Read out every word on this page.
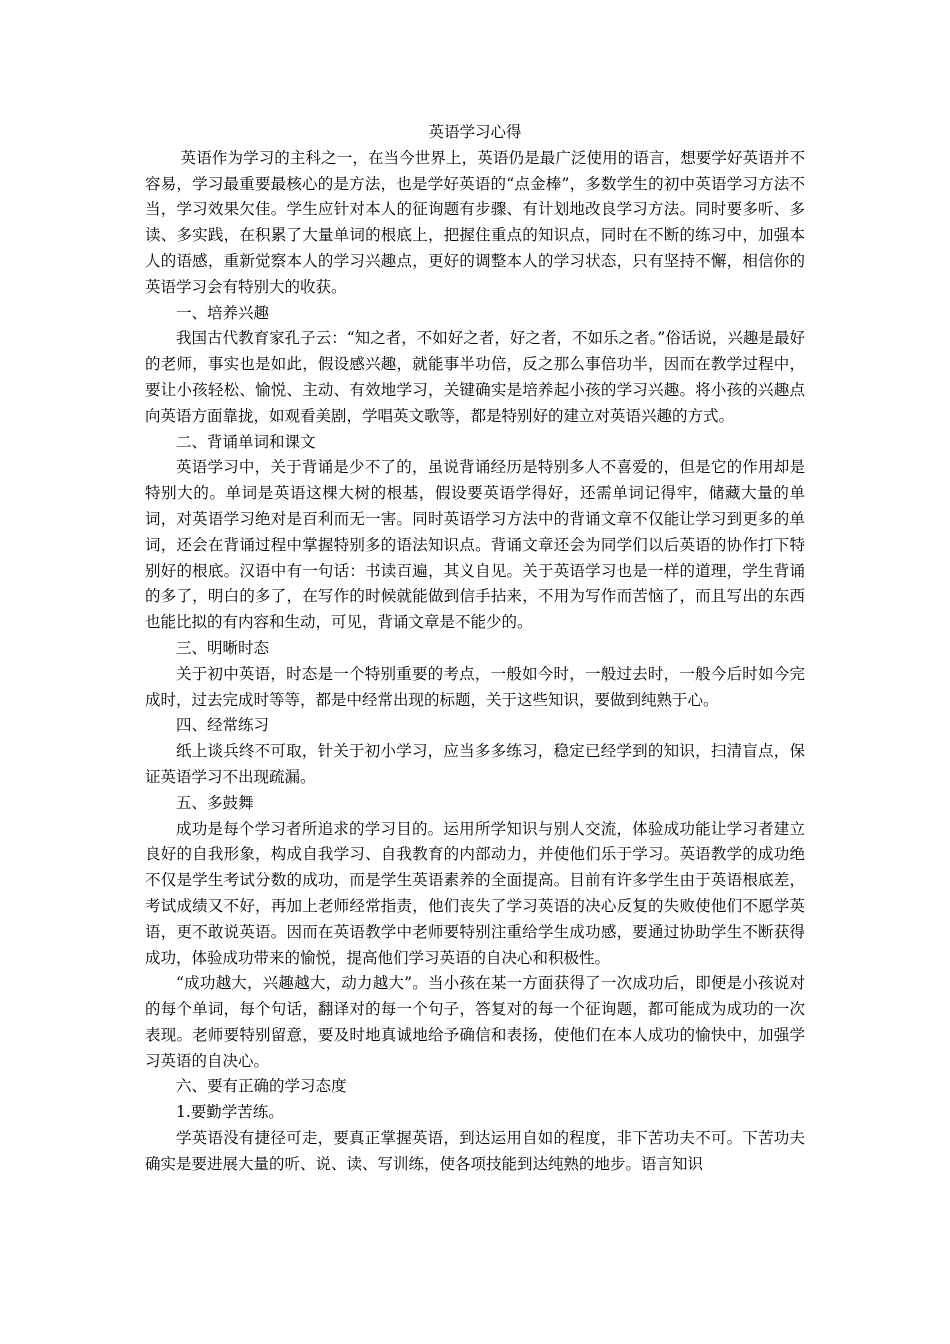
英语学习心得

英语作为学习的主科之一，在当今世界上，英语仍是最广泛使用的语言，想要学好英语并不容易，学习最重要最核心的是方法，也是学好英语的“点金棒”，多数学生的初中英语学习方法不当，学习效果欠佳。学生应针对本人的征询题有步骤、有计划地改良学习方法。同时要多听、多读、多实践，在积累了大量单词的根底上，把握住重点的知识点，同时在不断的练习中，加强本人的语感，重新觉察本人的学习兴趣点，更好的调整本人的学习状态，只有坚持不懈，相信你的英语学习会有特别大的收获。

一、培养兴趣

我国古代教育家孔子云：“知之者，不如好之者，好之者，不如乐之者。”俗话说，兴趣是最好的老师，事实也是如此，假设感兴趣，就能事半功倍，反之那么事倍功半，因而在教学过程中，要让小孩轻松、愉悦、主动、有效地学习，关键确实是培养起小孩的学习兴趣。将小孩的兴趣点向英语方面靠拢，如观看美剧，学唱英文歌等，都是特别好的建立对英语兴趣的方式。

二、背诵单词和课文

英语学习中，关于背诵是少不了的，虽说背诵经历是特别多人不喜爱的，但是它的作用却是特别大的。单词是英语这棵大树的根基，假设要英语学得好，还需单词记得牢，储藏大量的单词，对英语学习绝对是百利而无一害。同时英语学习方法中的背诵文章不仅能让学习到更多的单词，还会在背诵过程中掌握特别多的语法知识点。背诵文章还会为同学们以后英语的协作打下特别好的根底。汉语中有一句话：书读百遍，其义自见。关于英语学习也是一样的道理，学生背诵的多了，明白的多了，在写作的时候就能做到信手拈来，不用为写作而苦恼了，而且写出的东西也能比拟的有内容和生动，可见，背诵文章是不能少的。

三、明晰时态

关于初中英语，时态是一个特别重要的考点，一般如今时，一般过去时，一般今后时如今完成时，过去完成时等等，都是中经常出现的标题，关于这些知识，要做到纯熟于心。

四、经常练习

纸上谈兵终不可取，针关于初小学习，应当多多练习，稳定已经学到的知识，扫清盲点，保证英语学习不出现疏漏。

五、多鼓舞

成功是每个学习者所追求的学习目的。运用所学知识与别人交流，体验成功能让学习者建立良好的自我形象，构成自我学习、自我教育的内部动力，并使他们乐于学习。英语教学的成功绝不仅是学生考试分数的成功，而是学生英语素养的全面提高。目前有许多学生由于英语根底差，考试成绩又不好，再加上老师经常指责，他们丧失了学习英语的决心反复的失败使他们不愿学英语，更不敢说英语。因而在英语教学中老师要特别注重给学生成功感，要通过协助学生不断获得成功，体验成功带来的愉悦，提高他们学习英语的自决心和积极性。

“成功越大，兴趣越大，动力越大”。当小孩在某一方面获得了一次成功后，即便是小孩说对的每个单词，每个句话，翻译对的每一个句子，答复对的每一个征询题，都可能成为成功的一次表现。老师要特别留意，要及时地真诚地给予确信和表扬，使他们在本人成功的愉快中，加强学习英语的自决心。

六、要有正确的学习态度

1.要勤学苦练。

学英语没有捷径可走，要真正掌握英语，到达运用自如的程度，非下苦功夫不可。下苦功夫确实是要进展大量的听、说、读、写训练，使各项技能到达纯熟的地步。语言知识
